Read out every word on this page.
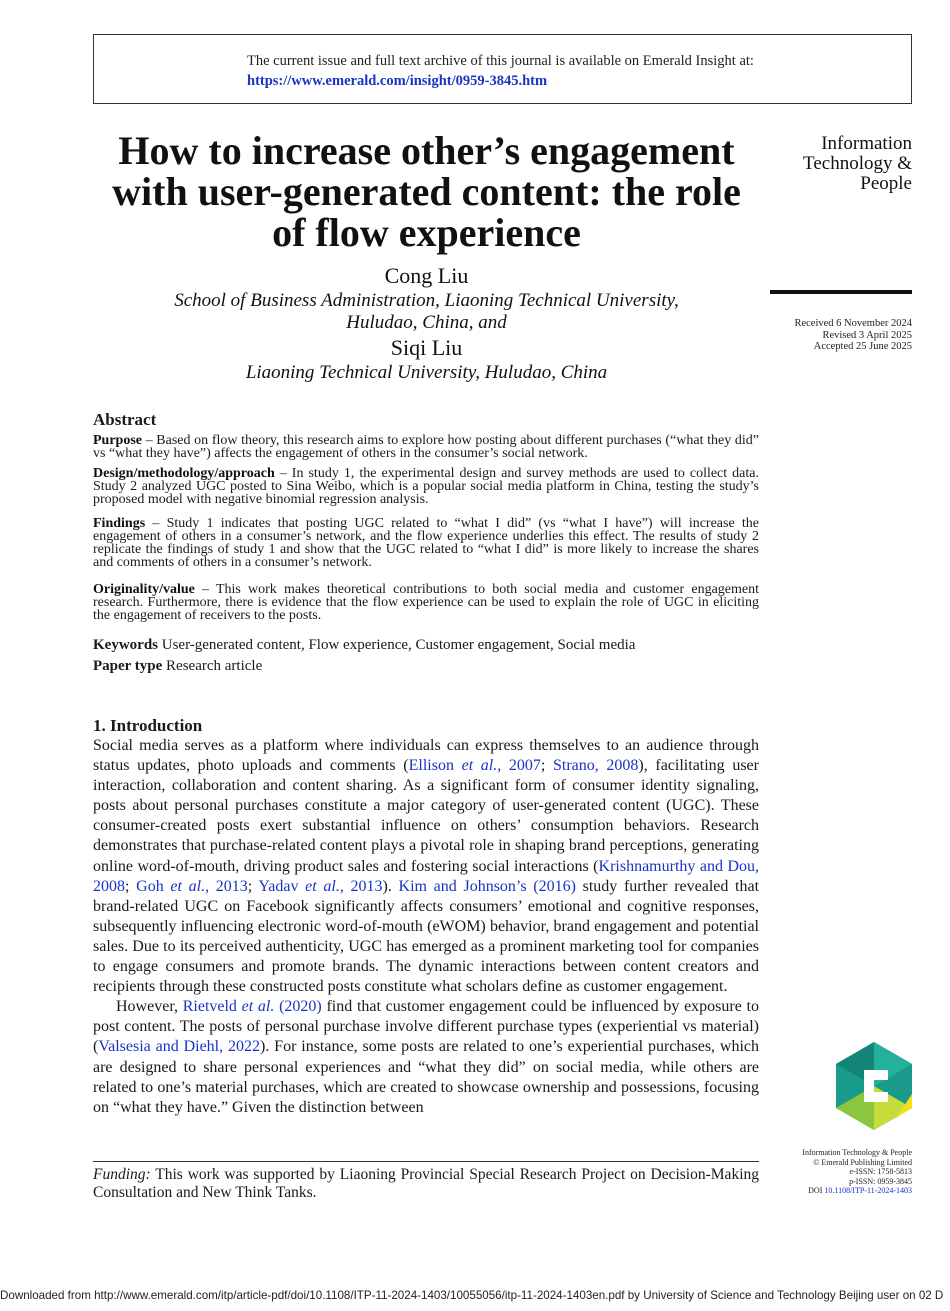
The current issue and full text archive of this journal is available on Emerald Insight at:
https://www.emerald.com/insight/0959-3845.htm
How to increase other’s engagement with user-generated content: the role of flow experience
Information
Technology &
People
Received 6 November 2024
Revised 3 April 2025
Accepted 25 June 2025
Cong Liu
School of Business Administration, Liaoning Technical University,
Huludao, China, and
Siqi Liu
Liaoning Technical University, Huludao, China
Abstract
Purpose – Based on flow theory, this research aims to explore how posting about different purchases (“what they did” vs “what they have”) affects the engagement of others in the consumer’s social network.
Design/methodology/approach – In study 1, the experimental design and survey methods are used to collect data. Study 2 analyzed UGC posted to Sina Weibo, which is a popular social media platform in China, testing the study’s proposed model with negative binomial regression analysis.
Findings – Study 1 indicates that posting UGC related to “what I did” (vs “what I have”) will increase the engagement of others in a consumer’s network, and the flow experience underlies this effect. The results of study 2 replicate the findings of study 1 and show that the UGC related to “what I did” is more likely to increase the shares and comments of others in a consumer’s network.
Originality/value – This work makes theoretical contributions to both social media and customer engagement research. Furthermore, there is evidence that the flow experience can be used to explain the role of UGC in eliciting the engagement of receivers to the posts.
Keywords User-generated content, Flow experience, Customer engagement, Social media
Paper type Research article
1. Introduction

Social media serves as a platform where individuals can express themselves to an audience through status updates, photo uploads and comments (Ellison et al., 2007; Strano, 2008), facilitating user interaction, collaboration and content sharing. As a significant form of consumer identity signaling, posts about personal purchases constitute a major category of user-generated content (UGC). These consumer-created posts exert substantial influence on others’ consumption behaviors. Research demonstrates that purchase-related content plays a pivotal role in shaping brand perceptions, generating online word-of-mouth, driving product sales and fostering social interactions (Krishnamurthy and Dou, 2008; Goh et al., 2013; Yadav et al., 2013). Kim and Johnson’s (2016) study further revealed that brand-related UGC on Facebook significantly affects consumers’ emotional and cognitive responses, subsequently influencing electronic word-of-mouth (eWOM) behavior, brand engagement and potential sales. Due to its perceived authenticity, UGC has emerged as a prominent marketing tool for companies to engage consumers and promote brands. The dynamic interactions between content creators and recipients through these constructed posts constitute what scholars define as customer engagement.

However, Rietveld et al. (2020) find that customer engagement could be influenced by exposure to post content. The posts of personal purchase involve different purchase types (experiential vs material) (Valsesia and Diehl, 2022). For instance, some posts are related to one’s experiential purchases, which are designed to share personal experiences and “what they did” on social media, while others are related to one’s material purchases, which are created to showcase ownership and possessions, focusing on “what they have.” Given the distinction between

Funding: This work was supported by Liaoning Provincial Special Research Project on Decision-Making Consultation and New Think Tanks.
Information Technology & People
© Emerald Publishing Limited
e-ISSN: 1758-5813
p-ISSN: 0959-3845
DOI 10.1108/ITP-11-2024-1403
Downloaded from http://www.emerald.com/itp/article-pdf/doi/10.1108/ITP-11-2024-1403/10055056/itp-11-2024-1403en.pdf by University of Science and Technology Beijing user on 02 D
